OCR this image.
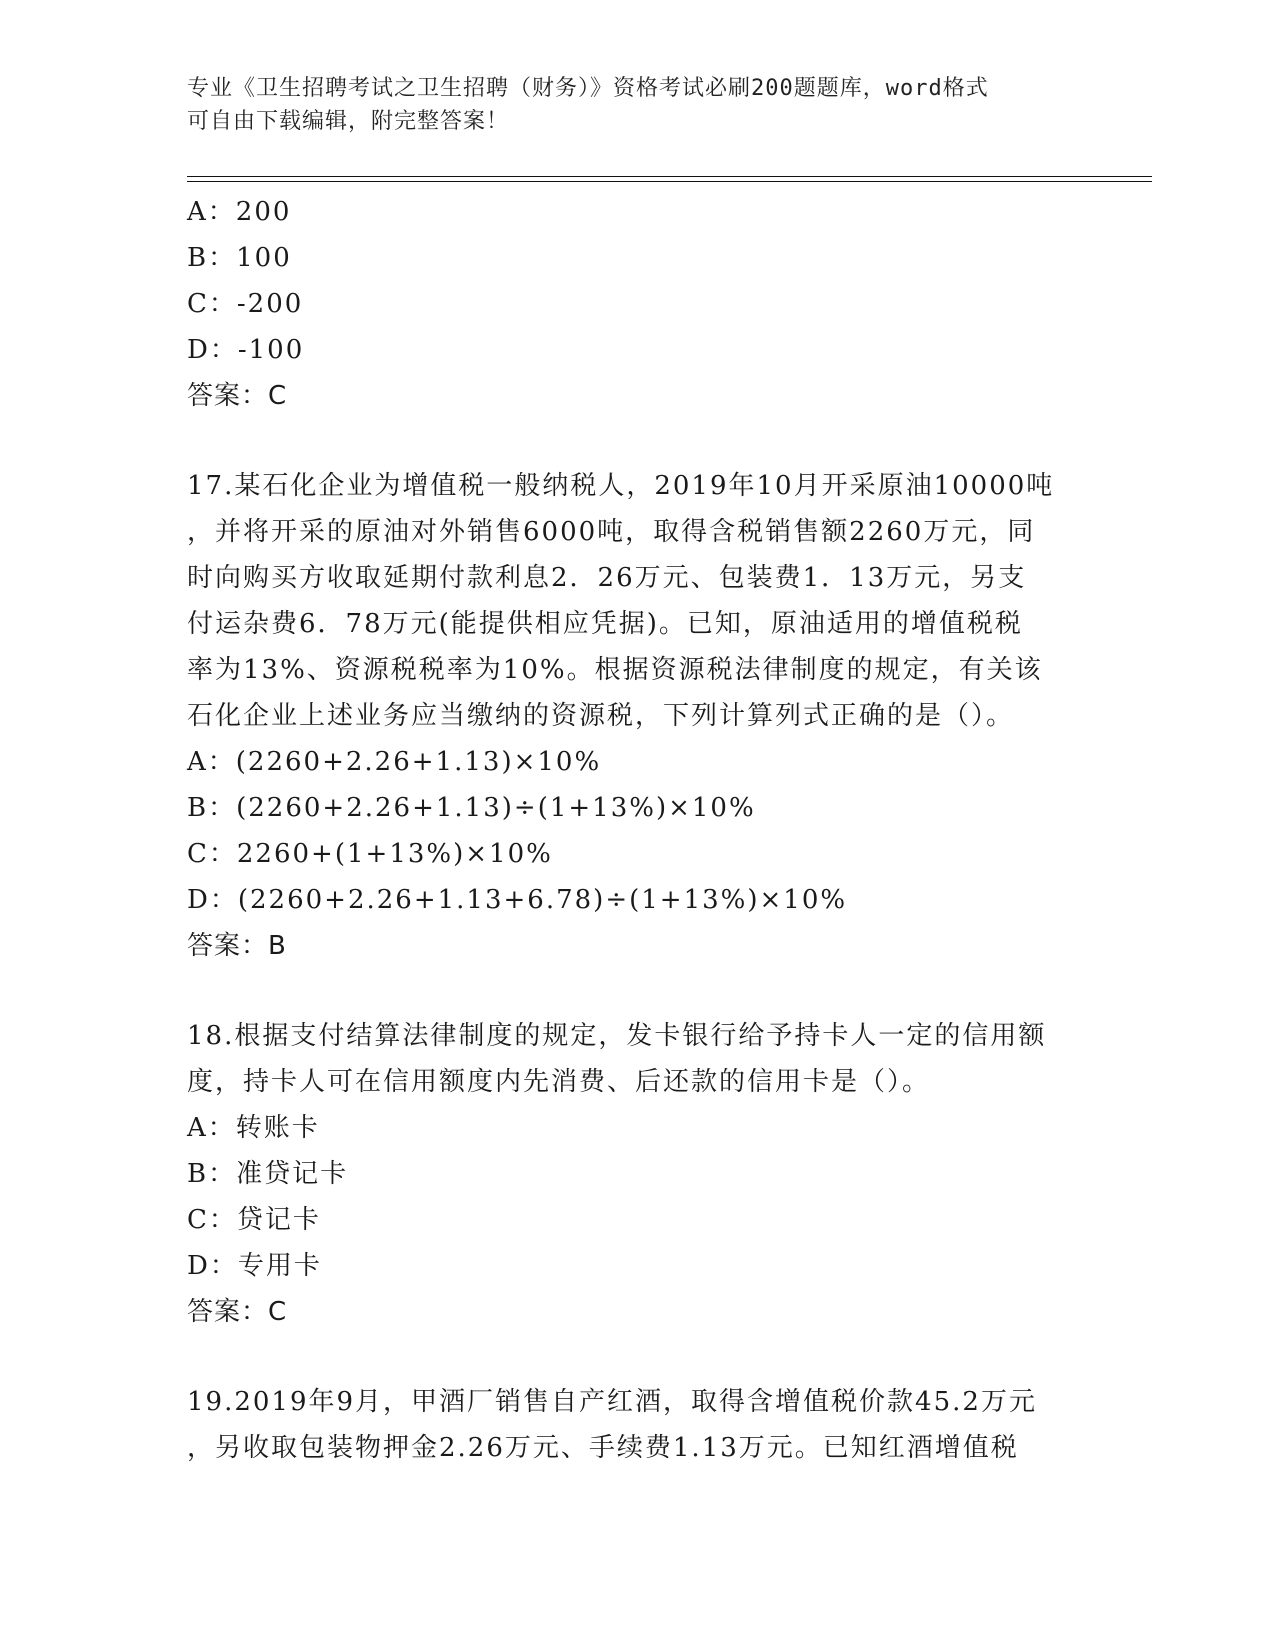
专业《卫生招聘考试之卫生招聘（财务）》资格考试必刷200题题库，word格式
可自由下载编辑，附完整答案！
A：200
B：100
C：-200
D：-100
答案：C
17.某石化企业为增值税一般纳税人，2019年10月开采原油10000吨
，并将开采的原油对外销售6000吨，取得含税销售额2260万元，同
时向购买方收取延期付款利息2．26万元、包装费1．13万元，另支
付运杂费6．78万元(能提供相应凭据)。已知，原油适用的增值税税
率为13%、资源税税率为10%。根据资源税法律制度的规定，有关该
石化企业上述业务应当缴纳的资源税，下列计算列式正确的是（）。
A：(2260+2.26+1.13)×10%
B：(2260+2.26+1.13)÷(1+13%)×10%
C：2260+(1+13%)×10%
D：(2260+2.26+1.13+6.78)÷(1+13%)×10%
答案：B
18.根据支付结算法律制度的规定，发卡银行给予持卡人一定的信用额
度，持卡人可在信用额度内先消费、后还款的信用卡是（）。
A：转账卡
B：准贷记卡
C：贷记卡
D：专用卡
答案：C
19.2019年9月，甲酒厂销售自产红酒，取得含增值税价款45.2万元
，另收取包装物押金2.26万元、手续费1.13万元。已知红酒增值税
